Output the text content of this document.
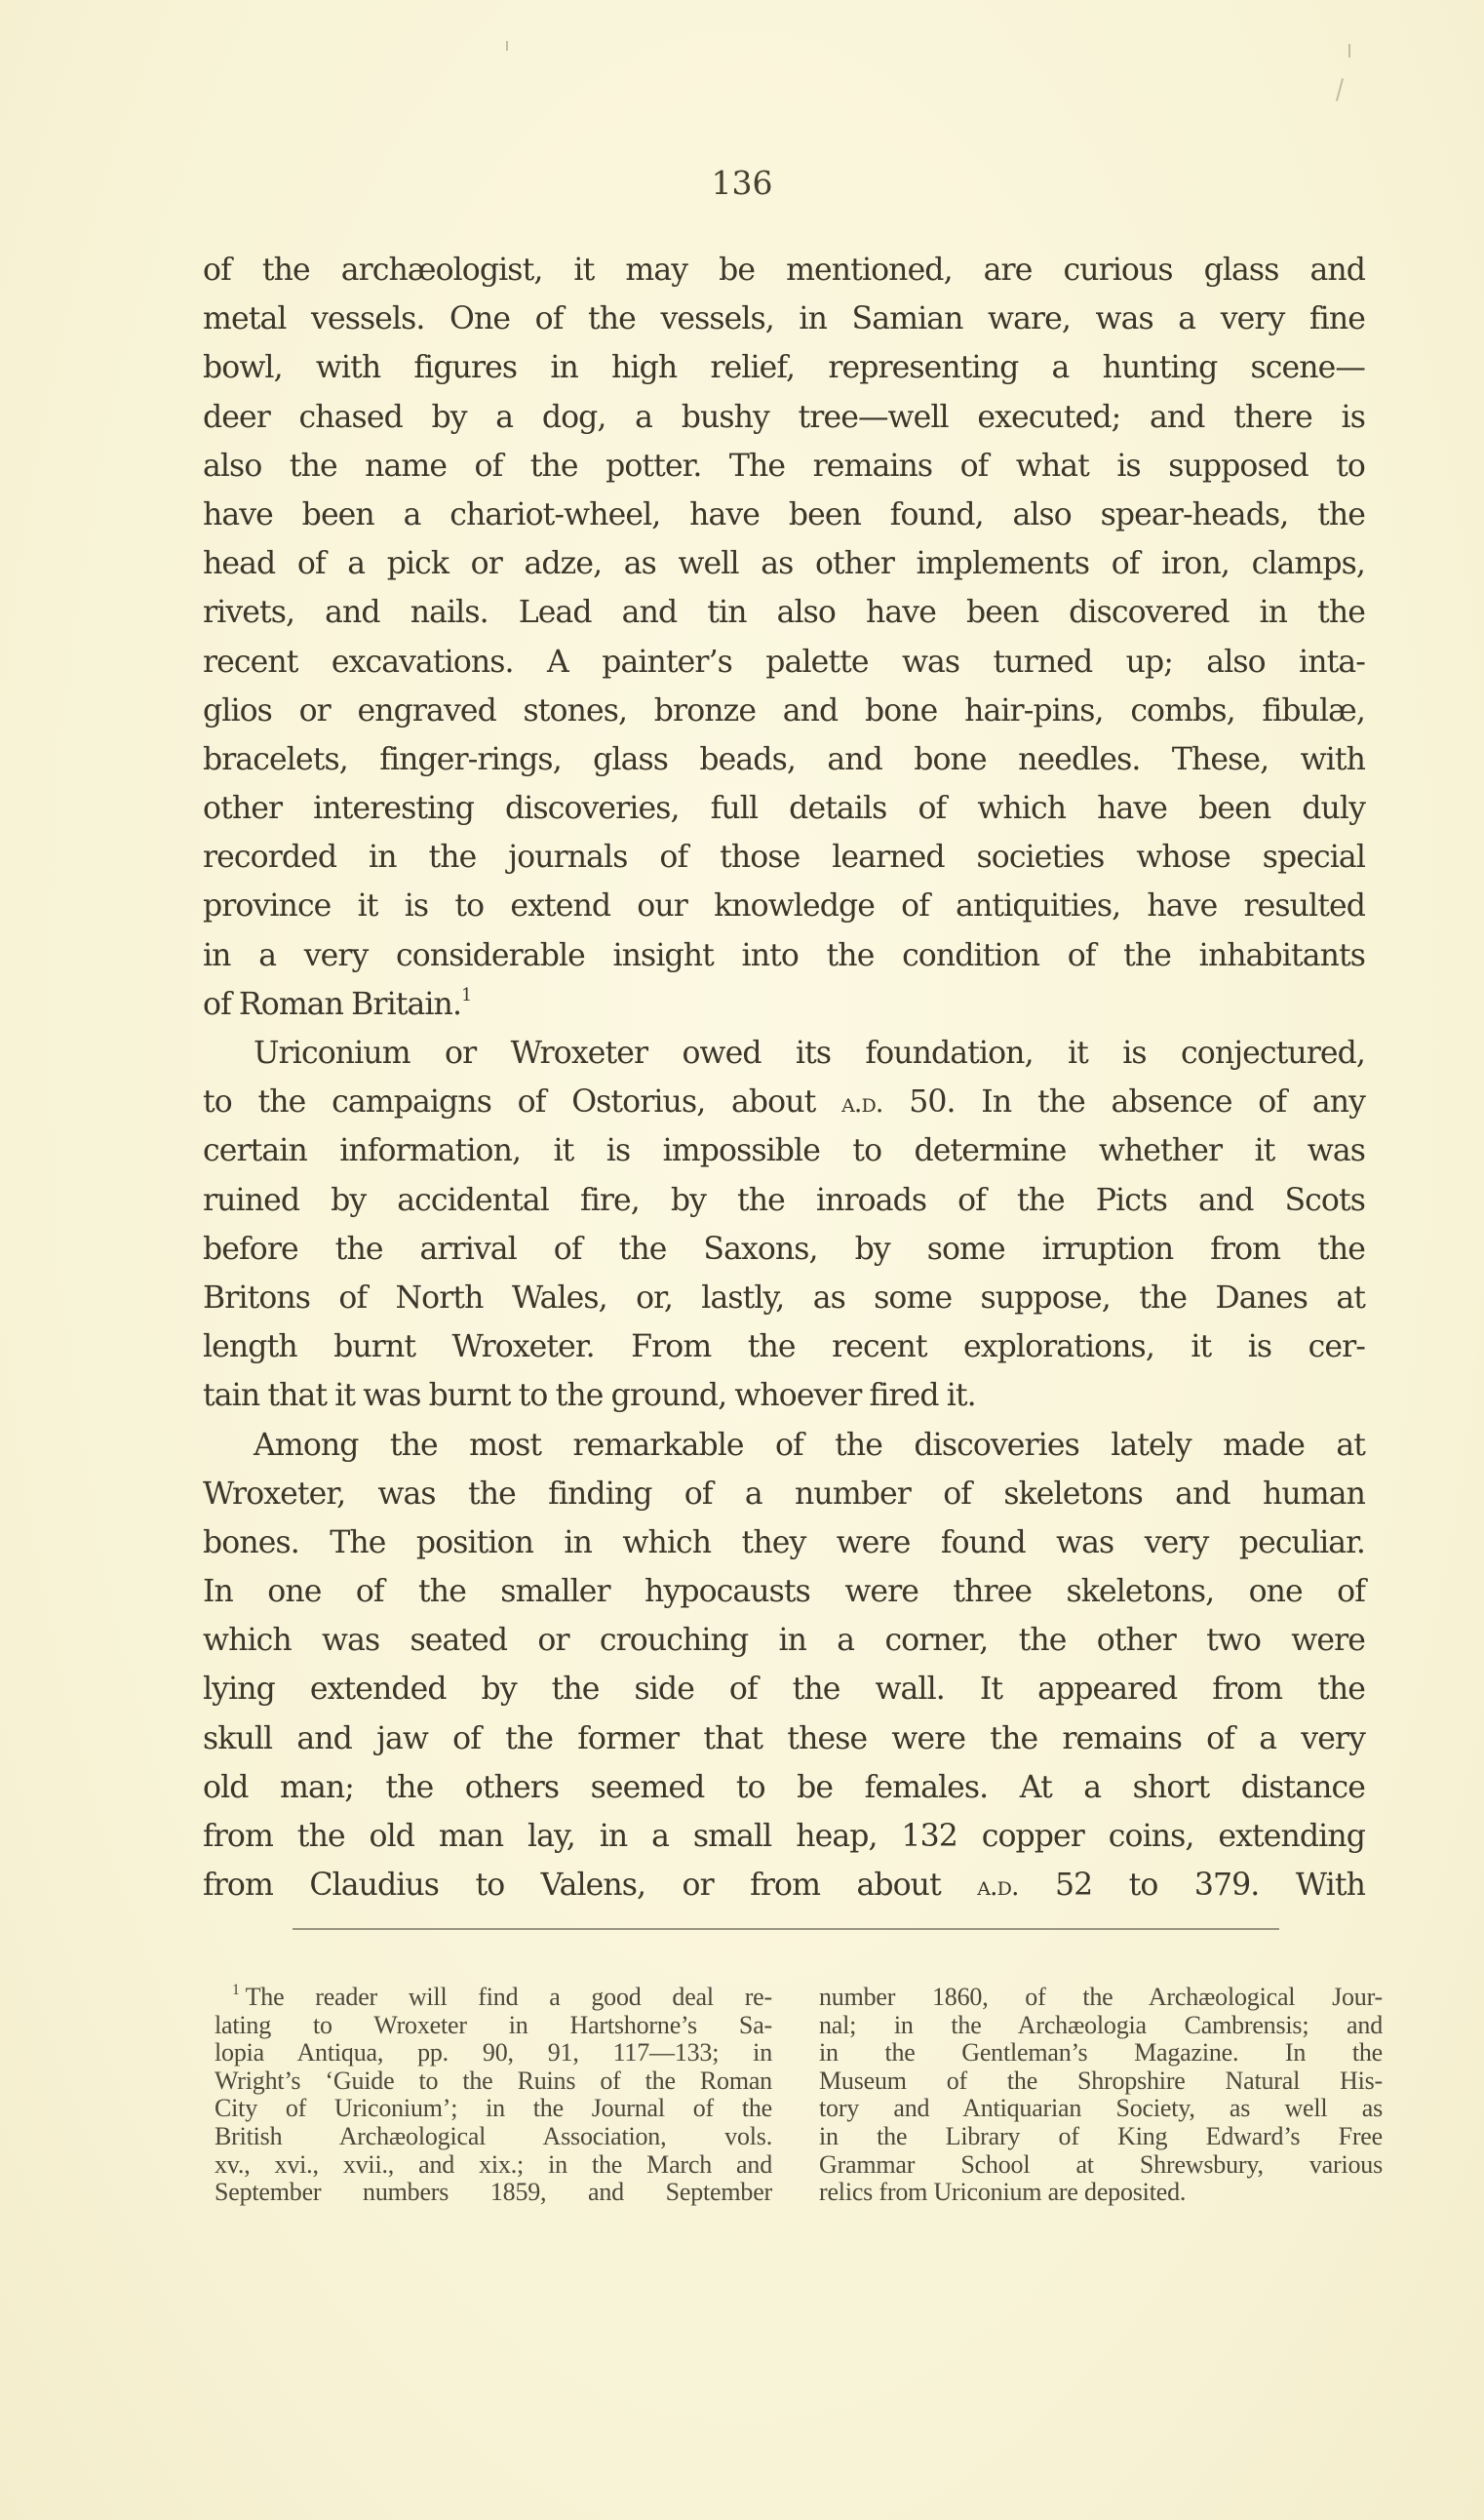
136
of the archæologist, it may be mentioned, are curious glass and
metal vessels. One of the vessels, in Samian ware, was a very fine
bowl, with figures in high relief, representing a hunting scene—
deer chased by a dog, a bushy tree—well executed; and there is
also the name of the potter. The remains of what is supposed to
have been a chariot-wheel, have been found, also spear-heads, the
head of a pick or adze, as well as other implements of iron, clamps,
rivets, and nails. Lead and tin also have been discovered in the
recent excavations. A painter’s palette was turned up; also inta-
glios or engraved stones, bronze and bone hair-pins, combs, fibulæ,
bracelets, finger-rings, glass beads, and bone needles. These, with
other interesting discoveries, full details of which have been duly
recorded in the journals of those learned societies whose special
province it is to extend our knowledge of antiquities, have resulted
in a very considerable insight into the condition of the inhabitants
of Roman Britain.$^1$
Uriconium or Wroxeter owed its foundation, it is conjectured,
to the campaigns of Ostorius, about a.d. 50. In the absence of any
certain information, it is impossible to determine whether it was
ruined by accidental fire, by the inroads of the Picts and Scots
before the arrival of the Saxons, by some irruption from the
Britons of North Wales, or, lastly, as some suppose, the Danes at
length burnt Wroxeter. From the recent explorations, it is cer-
tain that it was burnt to the ground, whoever fired it.
Among the most remarkable of the discoveries lately made at
Wroxeter, was the finding of a number of skeletons and human
bones. The position in which they were found was very peculiar.
In one of the smaller hypocausts were three skeletons, one of
which was seated or crouching in a corner, the other two were
lying extended by the side of the wall. It appeared from the
skull and jaw of the former that these were the remains of a very
old man; the others seemed to be females. At a short distance
from the old man lay, in a small heap, 132 copper coins, extending
from Claudius to Valens, or from about a.d. 52 to 379. With
$^1$ The reader will find a good deal re-
lating to Wroxeter in Hartshorne’s Sa-
lopia Antiqua, pp. 90, 91, 117—133; in
Wright’s ‘Guide to the Ruins of the Roman
City of Uriconium’; in the Journal of the
British Archæological Association, vols.
xv., xvi., xvii., and xix.; in the March and
September numbers 1859, and September
number 1860, of the Archæological Jour-
nal; in the Archæologia Cambrensis; and
in the Gentleman’s Magazine. In the
Museum of the Shropshire Natural His-
tory and Antiquarian Society, as well as
in the Library of King Edward’s Free
Grammar School at Shrewsbury, various
relics from Uriconium are deposited.
